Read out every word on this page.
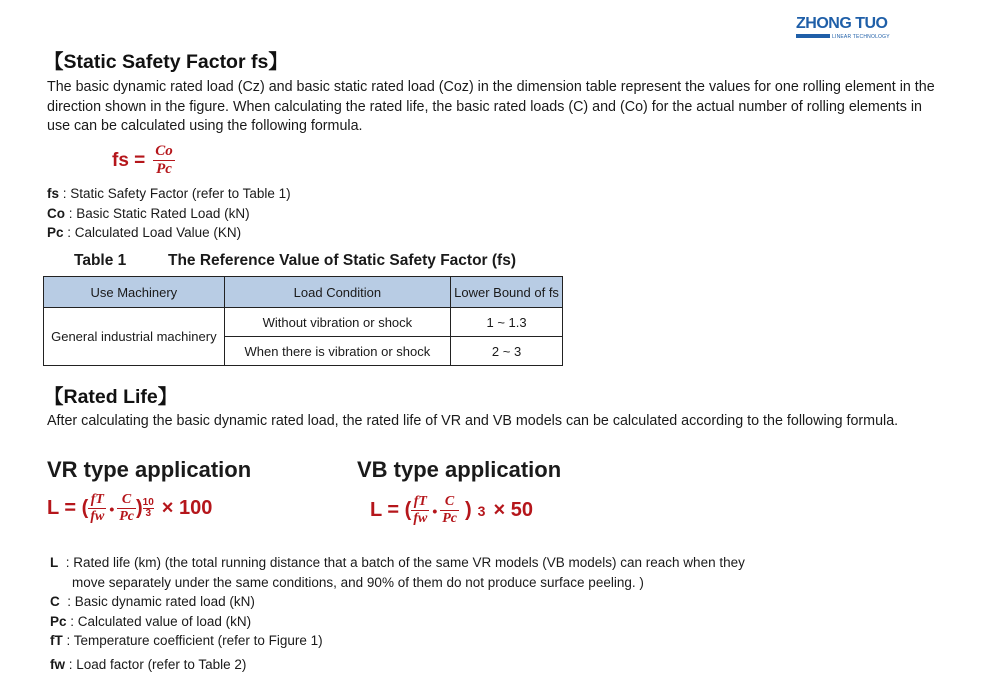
ZHONG TUO
LINEAR TECHNOLOGY
【Static Safety Factor fs】
The basic dynamic rated load (Cz) and basic static rated load (Coz) in the dimension table represent the values for one rolling element in the direction shown in the figure. When calculating the rated life, the basic rated loads (C) and (Co) for the actual number of rolling elements in use can be calculated using the following formula.
fs = $\frac{Co}{Pc}$
fs : Static Safety Factor (refer to Table 1)
Co : Basic Static Rated Load (kN)
Pc : Calculated Load Value (KN)
Table 1	The Reference Value of Static Safety Factor (fs)
Use Machinery	Load Condition	Lower Bound of fs
General industrial machinery	Without vibration or shock	1 ~ 1.3
	When there is vibration or shock	2 ~ 3
【Rated Life】
After calculating the basic dynamic rated load, the rated life of VR and VB models can be calculated according to the following formula.
VR type application	VB type application
L = ( $\frac{fT}{fw}$ • $\frac{C}{Pc}$ ) $\frac{10}{3} \times 100$	L = ( $\frac{fT}{fw}$ • $\frac{C}{Pc}$ ) 3 × 50
L : Rated life (km) (the total running distance that a batch of the same VR models (VB models) can reach when they
move separately under the same conditions, and 90% of them do not produce surface peeling. )
C : Basic dynamic rated load (kN)
Pc : Calculated value of load (kN)
fT : Temperature coefficient (refer to Figure 1)
fw : Load factor (refer to Table 2)
